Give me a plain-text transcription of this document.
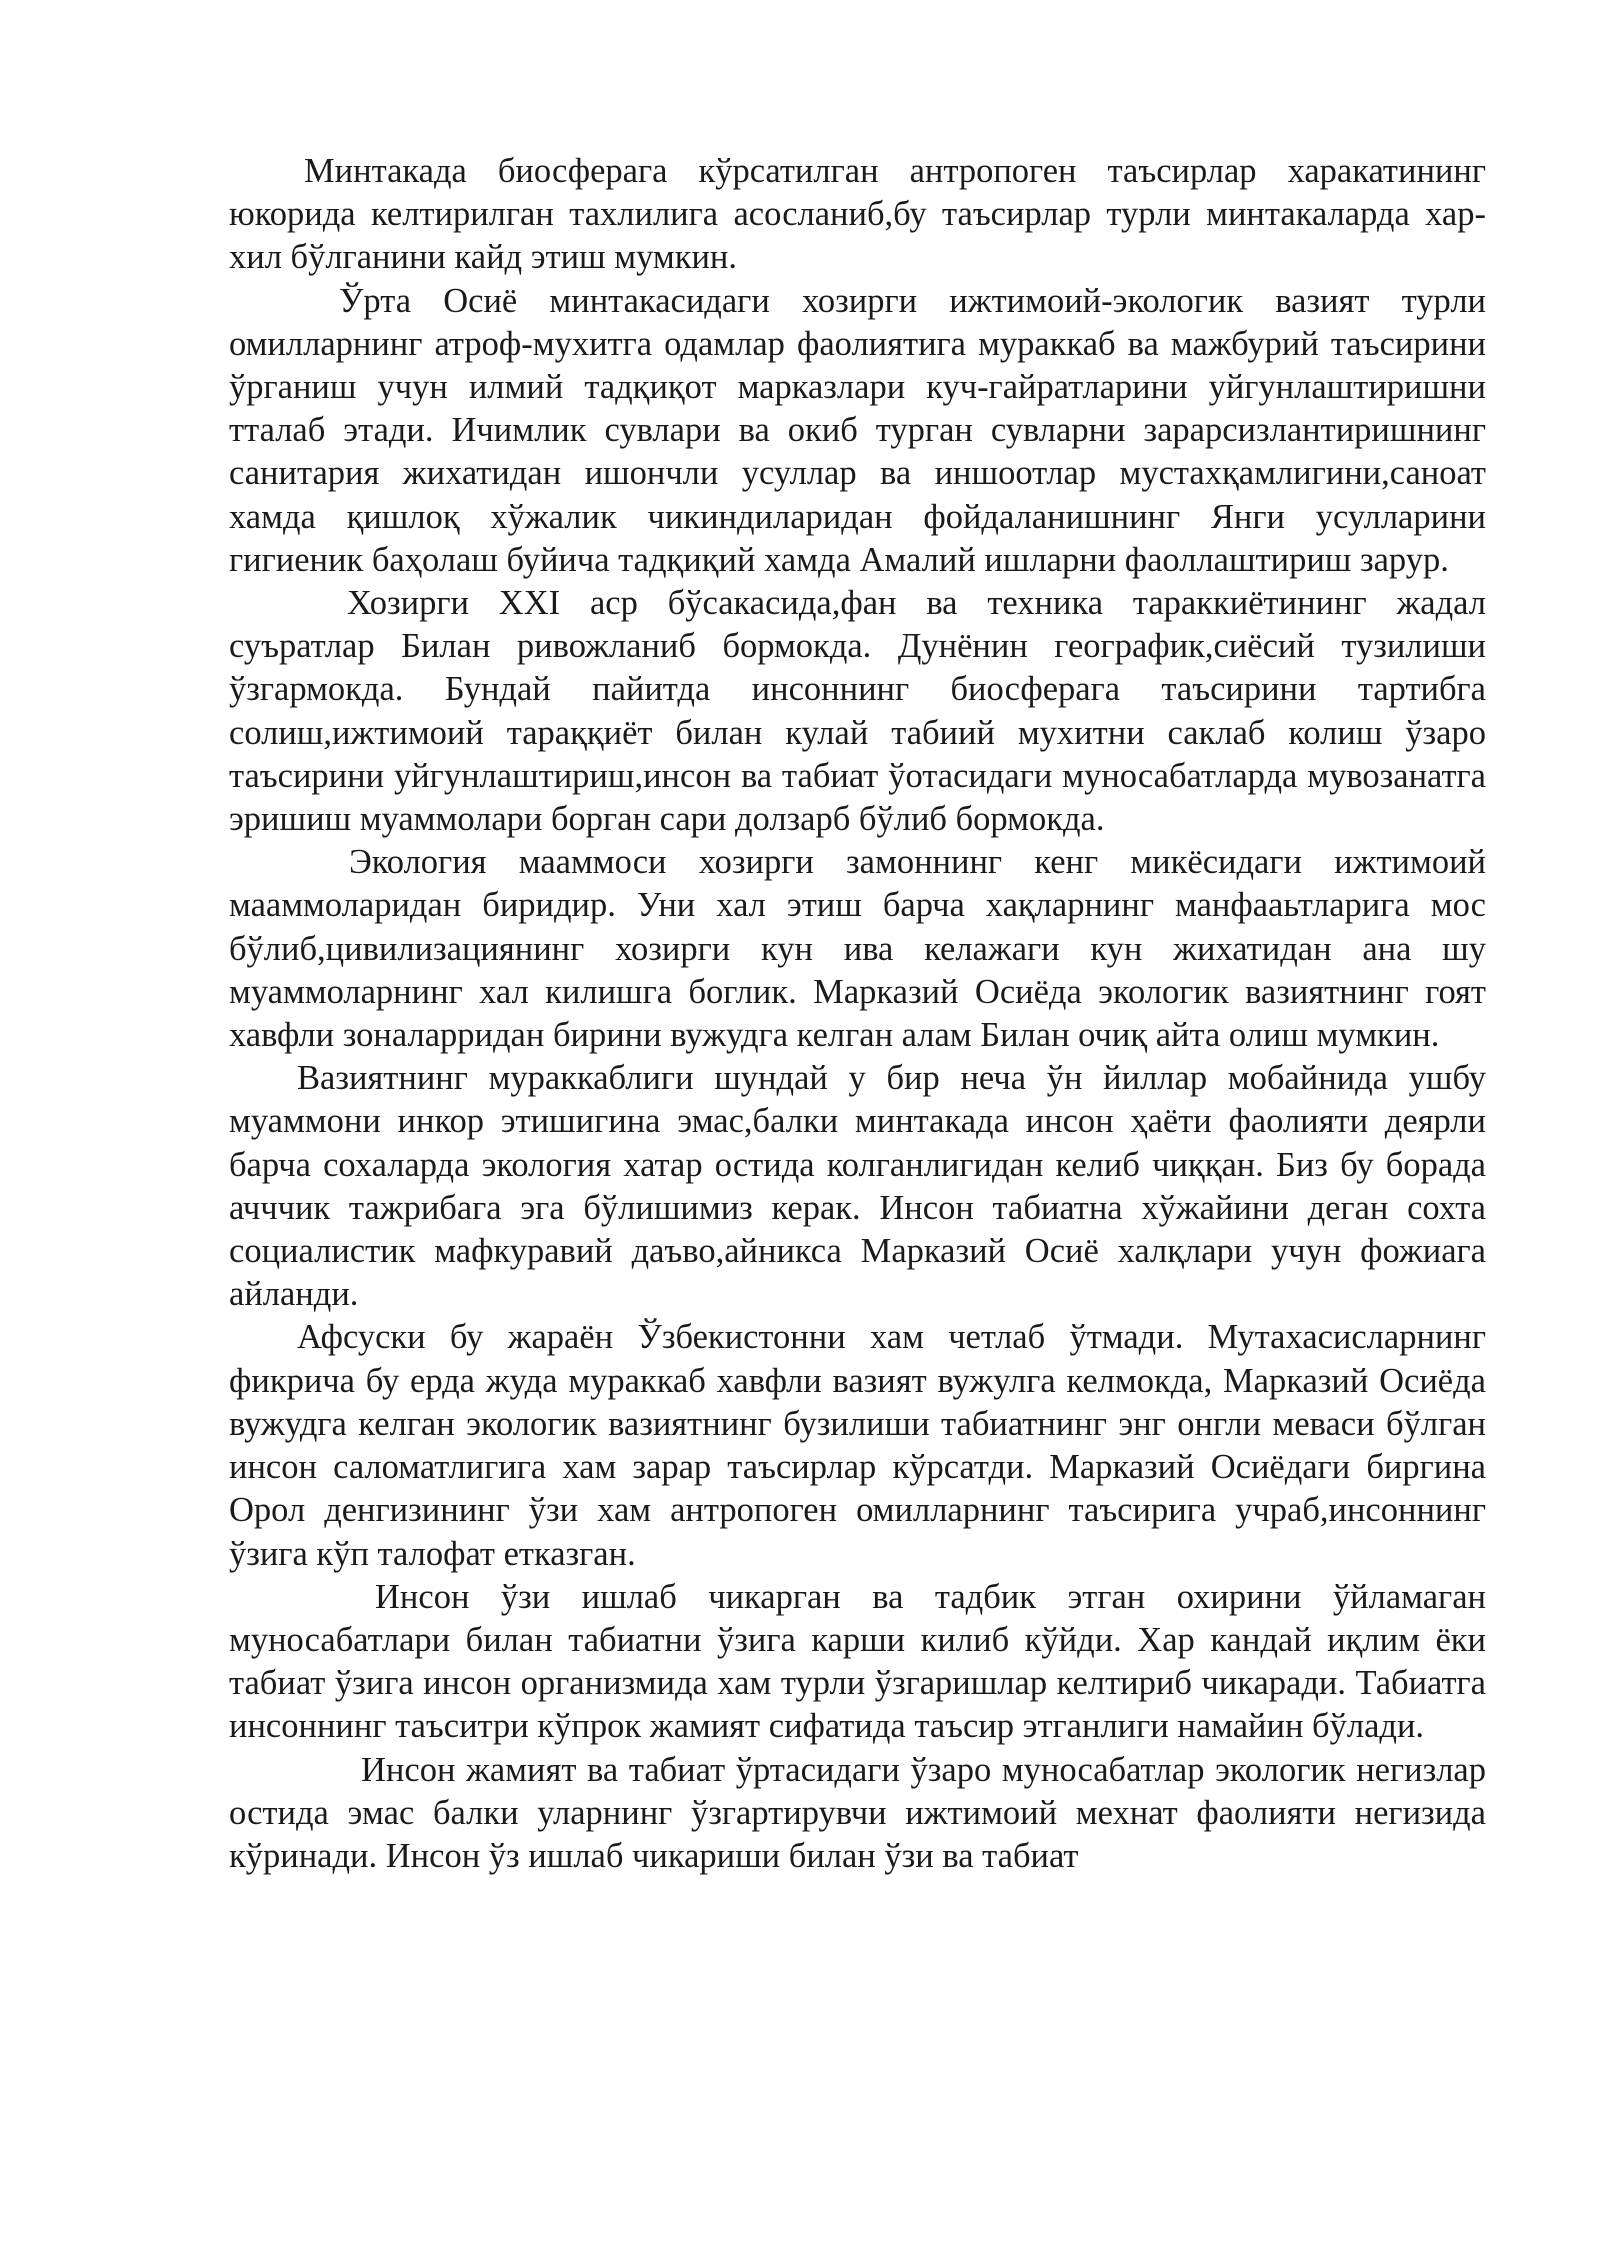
Минтакада биосферага кўрсатилган антропоген таъсирлар харакатининг юкорида келтирилган тахлилига асосланиб,бу таъсирлар турли минтакаларда хар-хил бўлганини кайд этиш мумкин.

Ўрта Осиё минтакасидаги хозирги ижтимоий-экологик вазият турли омилларнинг атроф-мухитга одамлар фаолиятига мураккаб ва мажбурий таъсирини ўрганиш учун илмий тадқиқот марказлари куч-гайратларини уйгунлаштиришни тталаб этади. Ичимлик сувлари ва окиб турган сувларни зарарсизлантиришнинг санитария жихатидан ишончли усуллар ва иншоотлар мустахқамлигини,саноат хамда қишлоқ хўжалик чикиндиларидан фойдаланишнинг Янги усулларини гигиеник баҳолаш буйича тадқиқий хамда Амалий ишларни фаоллаштириш зарур.

Хозирги XXI аср бўсакасида,фан ва техника тараккиётининг жадал суъратлар Билан ривожланиб бормокда. Дунёнин географик,сиёсий тузилиши ўзгармокда. Бундай пайитда инсоннинг биосферага таъсирини тартибга солиш,ижтимоий тараққиёт билан кулай табиий мухитни саклаб колиш ўзаро таъсирини уйгунлаштириш,инсон ва табиат ўотасидаги муносабатларда мувозанатга эришиш муаммолари борган сари долзарб бўлиб бормокда.

Экология мааммоси хозирги замоннинг кенг микёсидаги ижтимоий мааммоларидан биридир. Уни хал этиш барча хақларнинг манфааьтларига мос бўлиб,цивилизациянинг хозирги кун ива келажаги кун жихатидан ана шу муаммоларнинг хал килишга боглик. Марказий Осиёда экологик вазиятнинг гоят хавфли зоналарридан бирини вужудга келган алам Билан очиқ айта олиш мумкин.

Вазиятнинг мураккаблиги шундай у бир неча ўн йиллар мобайнида ушбу муаммони инкор этишигина эмас,балки минтакада инсон ҳаёти фаолияти деярли барча сохаларда экология хатар остида колганлигидан келиб чиққан. Биз бу борада ачччик тажрибага эга бўлишимиз керак. Инсон табиатна хўжайини деган сохта социалистик мафкуравий даъво,айникса Марказий Осиё халқлари учун фожиага айланди.

Афсуски бу жараён Ўзбекистонни хам четлаб ўтмади. Мутахасисларнинг фикрича бу ерда жуда мураккаб хавфли вазият вужулга келмокда, Марказий Осиёда вужудга келган экологик вазиятнинг бузилиши табиатнинг энг онгли меваси бўлган инсон саломатлигига хам зарар таъсирлар кўрсатди. Марказий Осиёдаги биргина Орол денгизининг ўзи хам антропоген омилларнинг таъсирига учраб,инсоннинг ўзига кўп талофат етказган.

Инсон ўзи ишлаб чикарган ва тадбик этган охирини ўйламаган муносабатлари билан табиатни ўзига карши килиб кўйди. Хар кандай иқлим ёки табиат ўзига инсон организмида хам турли ўзгаришлар келтириб чикаради. Табиатга инсоннинг таъситри кўпрок жамият сифатида таъсир этганлиги намайин бўлади.

Инсон жамият ва табиат ўртасидаги ўзаро муносабатлар экологик негизлар остида эмас балки уларнинг ўзгартирувчи ижтимоий мехнат фаолияти негизида кўринади. Инсон ўз ишлаб чикариши билан ўзи ва табиат
